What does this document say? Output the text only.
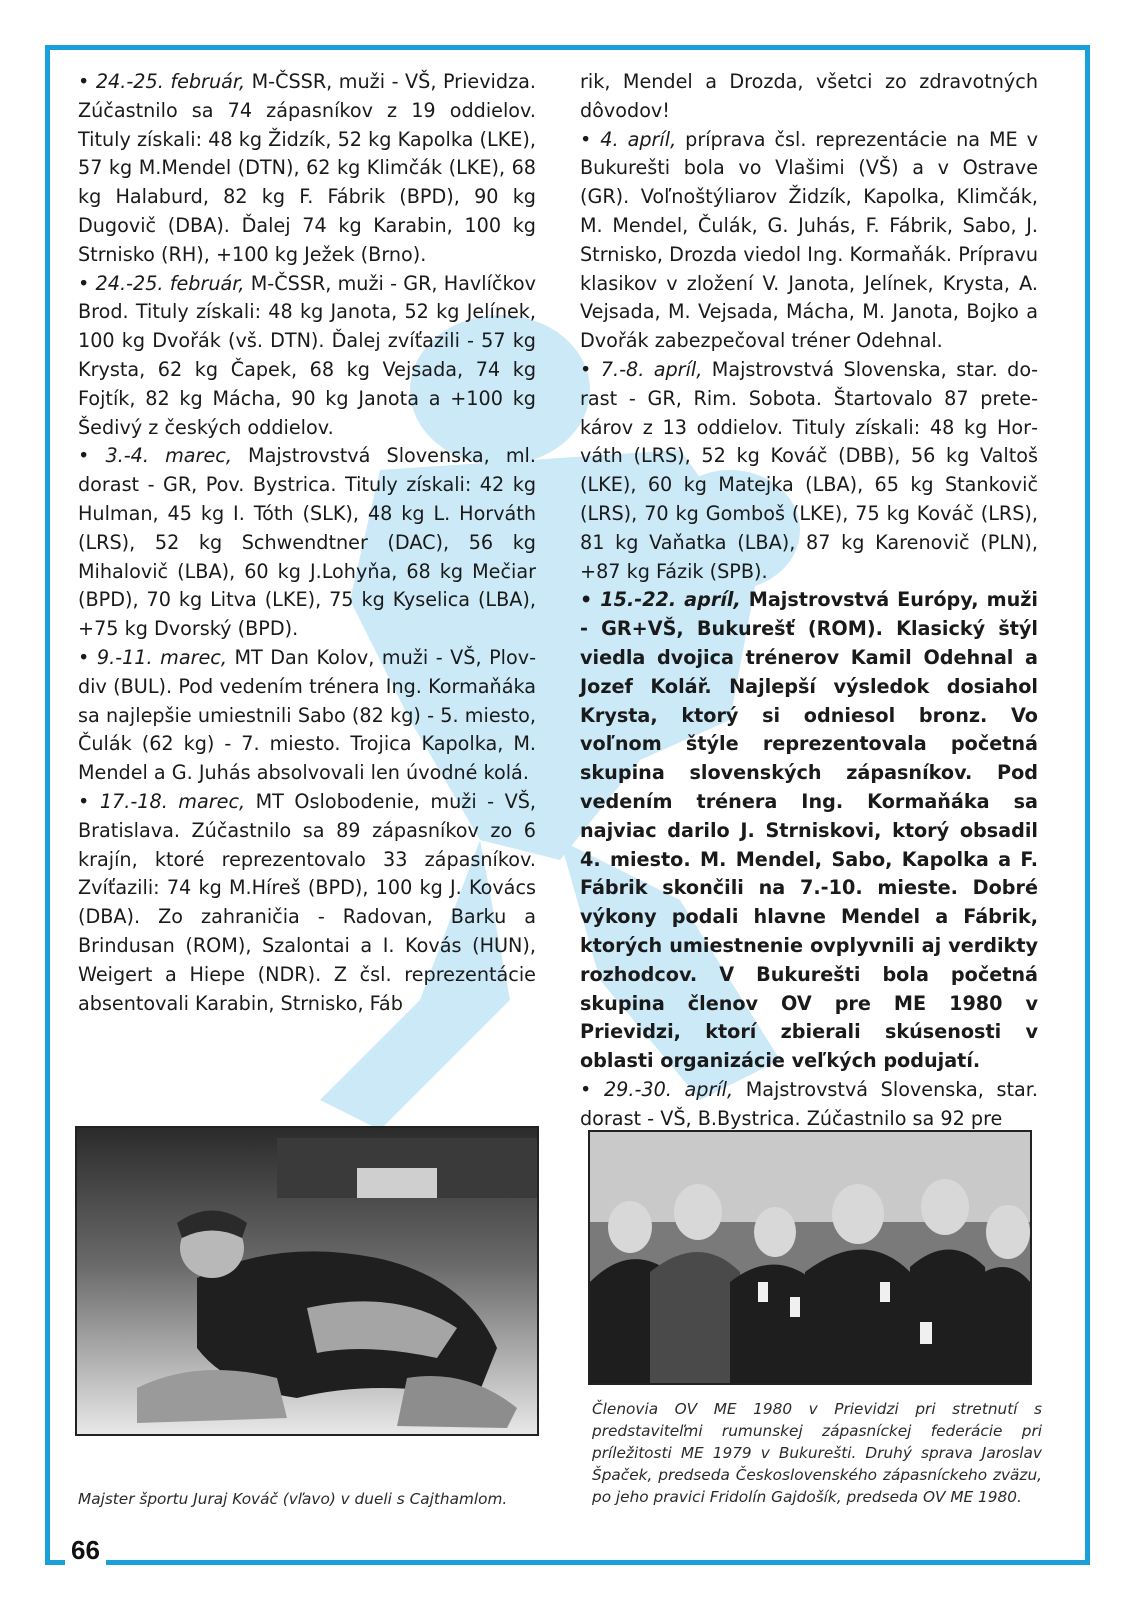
• 24.-25. február, M-ČSSR, muži - VŠ, Prievidza. Zúčastnilo sa 74 zápasníkov z 19 oddielov. Tituly získali: 48 kg Židzík, 52 kg Kapolka (LKE), 57 kg M.Mendel (DTN), 62 kg Klimčák (LKE), 68 kg Halaburd, 82 kg F. Fábrik (BPD), 90 kg Dugovič (DBA). Ďalej 74 kg Karabin, 100 kg Strnisko (RH), +100 kg Ježek (Brno).

• 24.-25. február, M-ČSSR, muži - GR, Havlíčkov Brod. Tituly získali: 48 kg Janota, 52 kg Jelínek, 100 kg Dvořák (vš. DTN). Ďalej zvíťazili - 57 kg Krysta, 62 kg Čapek, 68 kg Vejsada, 74 kg Fojtík, 82 kg Mácha, 90 kg Janota a +100 kg Šedivý z českých oddielov.

• 3.-4. marec, Majstrovstvá Slovenska, ml. dorast - GR, Pov. Bystrica. Tituly získali: 42 kg Hulman, 45 kg I. Tóth (SLK), 48 kg L. Horváth (LRS), 52 kg Schwendtner (DAC), 56 kg Mihalovič (LBA), 60 kg J.Lohyňa, 68 kg Mečiar (BPD), 70 kg Litva (LKE), 75 kg Kyselica (LBA), +75 kg Dvorský (BPD).

• 9.-11. marec, MT Dan Kolov, muži - VŠ, Plovdiv (BUL). Pod vedením trénera Ing. Kormaňáka sa najlepšie umiestnili Sabo (82 kg) - 5. miesto, Čulák (62 kg) - 7. miesto. Trojica Kapolka, M. Mendel a G. Juhás absolvovali len úvodné kolá.

• 17.-18. marec, MT Oslobodenie, muži - VŠ, Bratislava. Zúčastnilo sa 89 zápasníkov zo 6 krajín, ktoré reprezentovalo 33 zápasníkov. Zvíťazili: 74 kg M.Híreš (BPD), 100 kg J. Kovács (DBA). Zo zahraničia - Radovan, Barku a Brindusan (ROM), Szalontai a I. Kovás (HUN), Weigert a Hiepe (NDR). Z čsl. reprezentácie absentovali Karabin, Strnisko, Fáb

rik, Mendel a Drozda, všetci zo zdravotných dôvodov!

• 4. apríl, príprava čsl. reprezentácie na ME v Bukurešti bola vo Vlašimi (VŠ) a v Ostrave (GR). Voľnoštýliarov Židzík, Kapolka, Klimčák, M. Mendel, Čulák, G. Juhás, F. Fábrik, Sabo, J. Strnisko, Drozda viedol Ing. Kormaňák. Prípravu klasikov v zložení V. Janota, Jelínek, Krysta, A. Vejsada, M. Vejsada, Mácha, M. Janota, Bojko a Dvořák zabezpečoval tréner Odehnal.

• 7.-8. apríl, Majstrovstvá Slovenska, star. dorast - GR, Rim. Sobota. Štartovalo 87 pretekárov z 13 oddielov. Tituly získali: 48 kg Horváth (LRS), 52 kg Kováč (DBB), 56 kg Valtoš (LKE), 60 kg Matejka (LBA), 65 kg Stankovič (LRS), 70 kg Gomboš (LKE), 75 kg Kováč (LRS), 81 kg Vaňatka (LBA), 87 kg Karenovič (PLN), +87 kg Fázik (SPB).

• 15.-22. apríl, Majstrovstvá Európy, muži - GR+VŠ, Bukurešť (ROM). Klasický štýl viedla dvojica trénerov Kamil Odehnal a Jozef Kolář. Najlepší výsledok dosiahol Krysta, ktorý si odniesol bronz. Vo voľnom štýle reprezentovala početná skupina slovenských zápasníkov. Pod vedením trénera Ing. Kormaňáka sa najviac darilo J. Strniskovi, ktorý obsadil 4. miesto. M. Mendel, Sabo, Kapolka a F. Fábrik skončili na 7.-10. mieste. Dobré výkony podali hlavne Mendel a Fábrik, ktorých umiestnenie ovplyvnili aj verdikty rozhodcov. V Bukurešti bola početná skupina členov OV pre ME 1980 v Prievidzi, ktorí zbierali skúsenosti v oblasti organizácie veľkých podujatí.

• 29.-30. apríl, Majstrovstvá Slovenska, star. dorast - VŠ, B.Bystrica. Zúčastnilo sa 92 pre

Majster športu Juraj Kováč (vľavo) v dueli s Cajthamlom.
Členovia OV ME 1980 v Prievidzi pri stretnutí s predstaviteľmi rumunskej zápasníckej federácie pri príležitosti ME 1979 v Bukurešti. Druhý sprava Jaroslav Špaček, predseda Československého zápasníckeho zväzu, po jeho pravici Fridolín Gajdošík, predseda OV ME 1980.
66
